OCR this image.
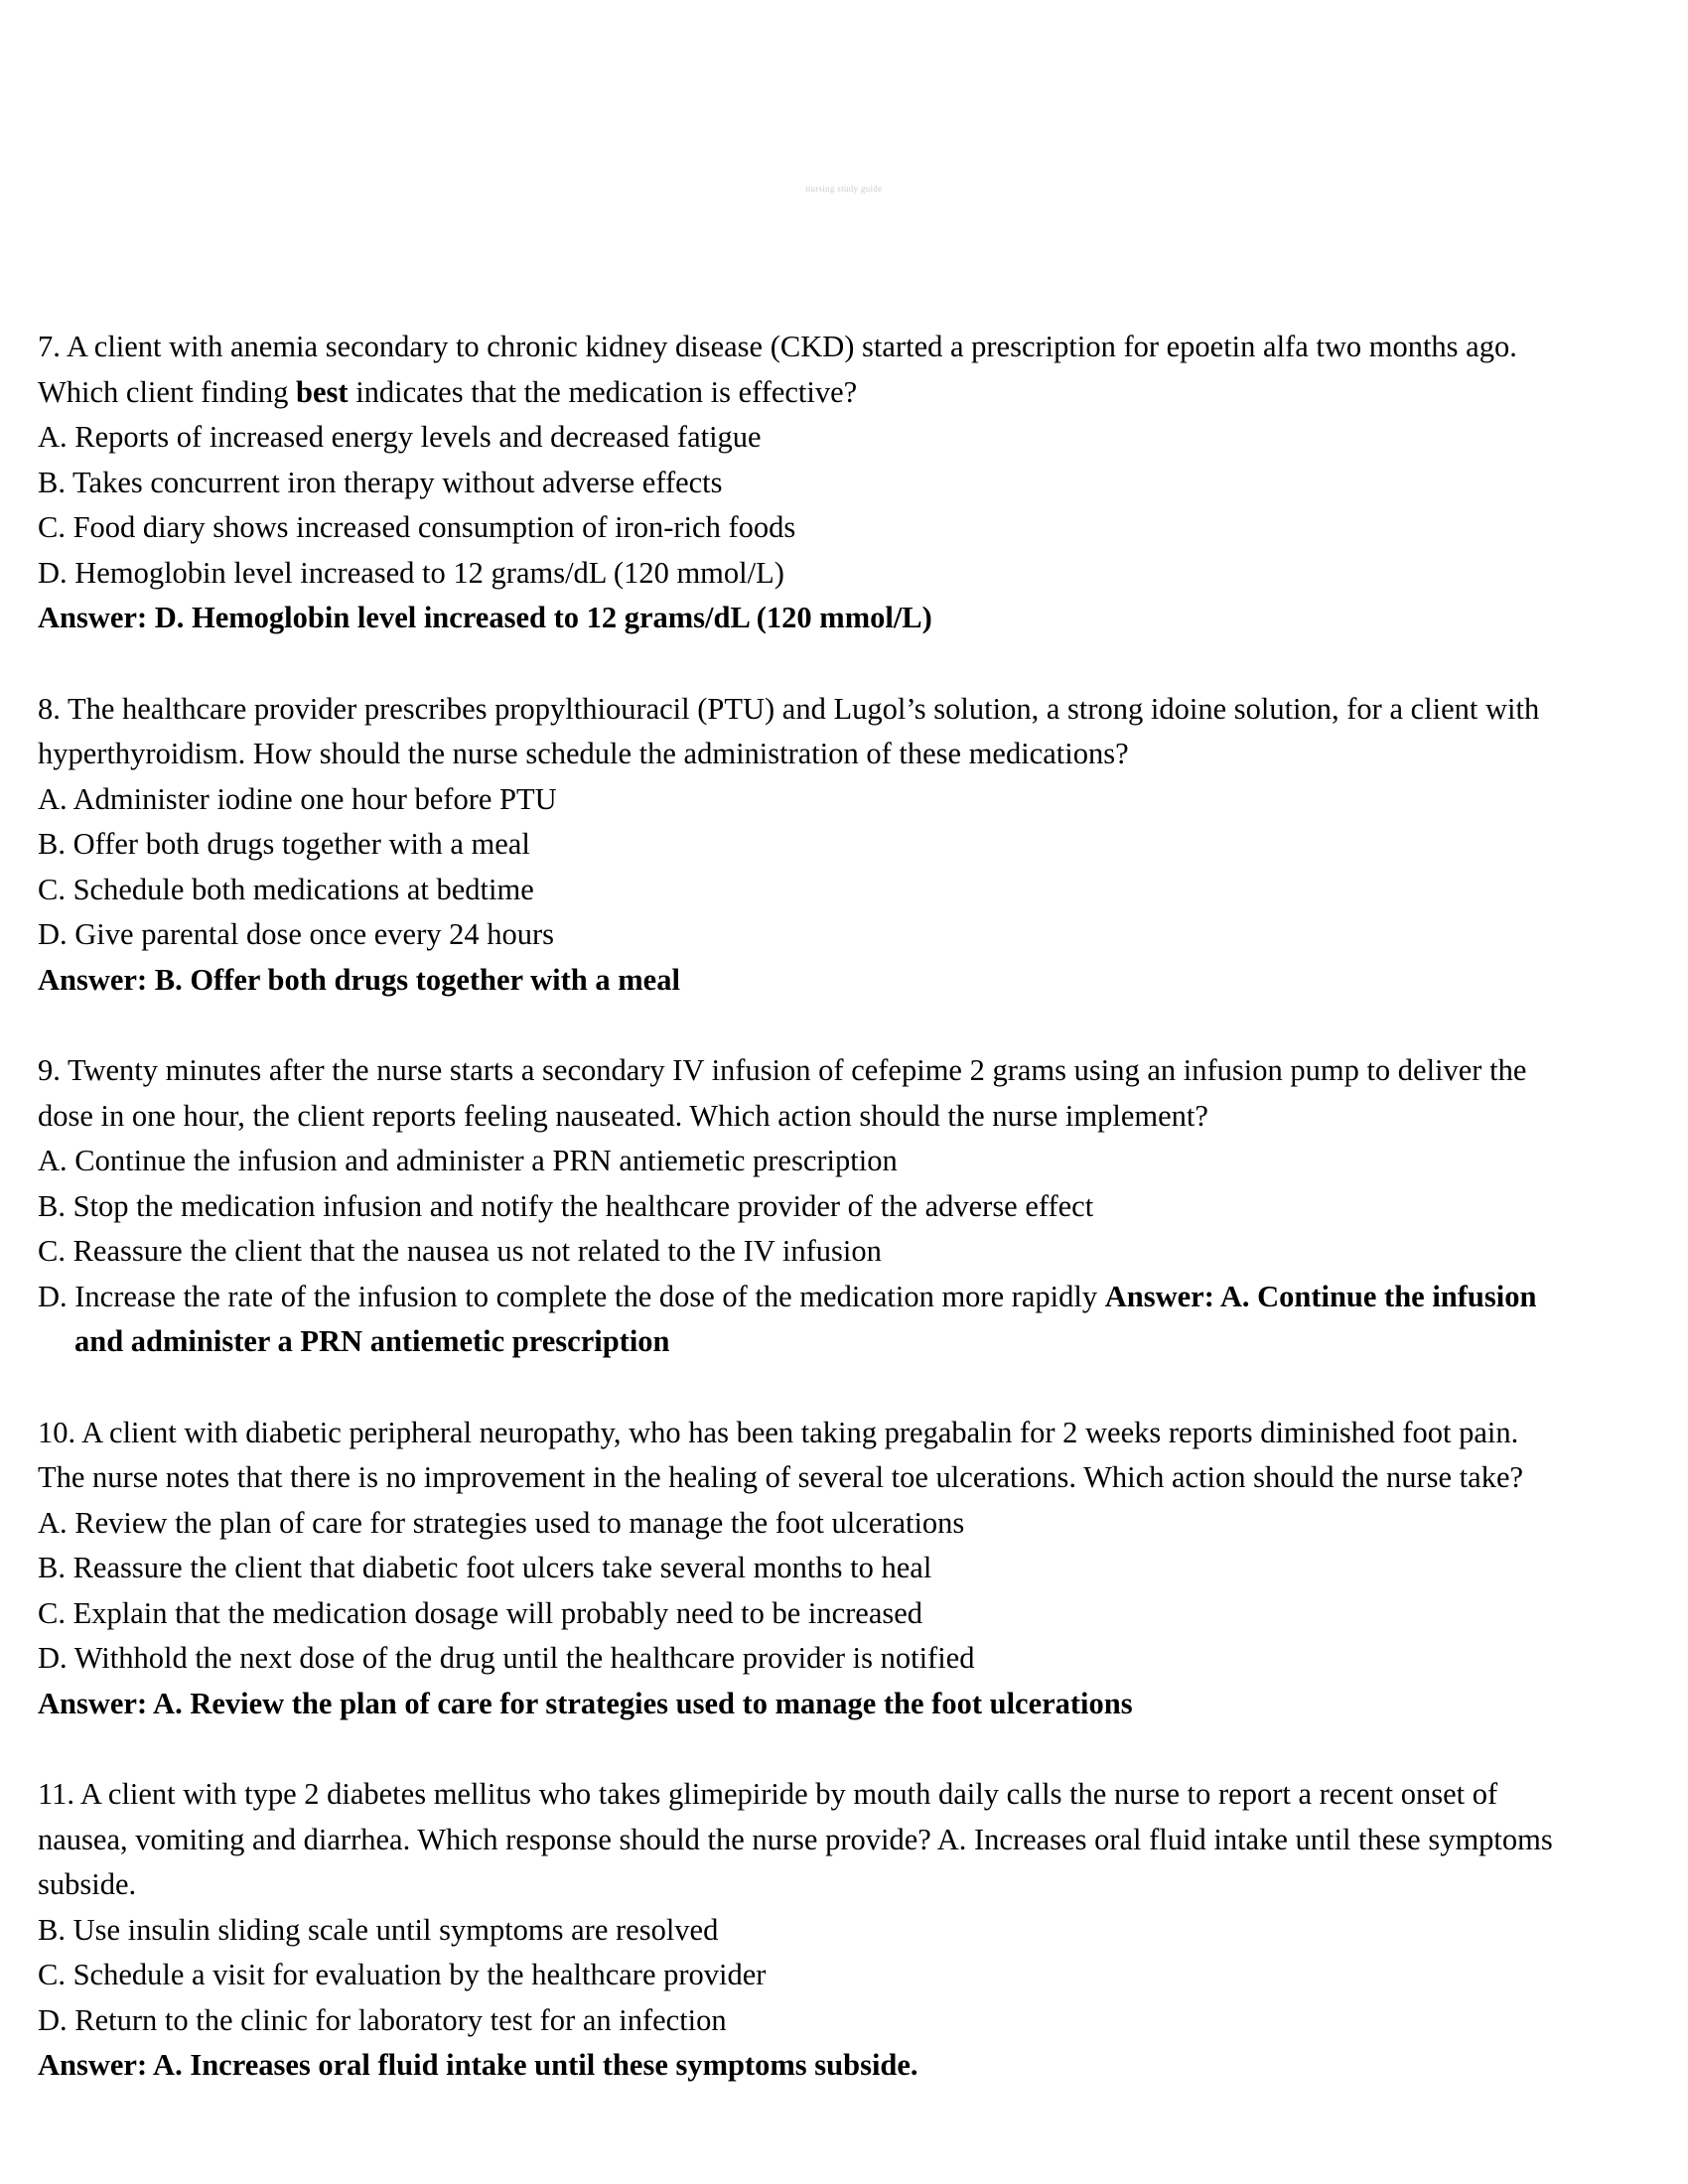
nursing study guide

7. A client with anemia secondary to chronic kidney disease (CKD) started a prescription for epoetin alfa two months ago. Which client finding best indicates that the medication is effective?

A. Reports of increased energy levels and decreased fatigue

B. Takes concurrent iron therapy without adverse effects

C. Food diary shows increased consumption of iron-rich foods

D. Hemoglobin level increased to 12 grams/dL (120 mmol/L)

Answer: D. Hemoglobin level increased to 12 grams/dL (120 mmol/L)

8. The healthcare provider prescribes propylthiouracil (PTU) and Lugol’s solution, a strong idoine solution, for a client with hyperthyroidism. How should the nurse schedule the administration of these medications?

A. Administer iodine one hour before PTU

B. Offer both drugs together with a meal

C. Schedule both medications at bedtime

D. Give parental dose once every 24 hours

Answer: B. Offer both drugs together with a meal

9. Twenty minutes after the nurse starts a secondary IV infusion of cefepime 2 grams using an infusion pump to deliver the dose in one hour, the client reports feeling nauseated. Which action should the nurse implement?

A. Continue the infusion and administer a PRN antiemetic prescription

B. Stop the medication infusion and notify the healthcare provider of the adverse effect

C. Reassure the client that the nausea us not related to the IV infusion

D. Increase the rate of the infusion to complete the dose of the medication more rapidly Answer: A. Continue the infusion and administer a PRN antiemetic prescription

10. A client with diabetic peripheral neuropathy, who has been taking pregabalin for 2 weeks reports diminished foot pain. The nurse notes that there is no improvement in the healing of several toe ulcerations. Which action should the nurse take?

A. Review the plan of care for strategies used to manage the foot ulcerations

B. Reassure the client that diabetic foot ulcers take several months to heal

C. Explain that the medication dosage will probably need to be increased

D. Withhold the next dose of the drug until the healthcare provider is notified

Answer: A. Review the plan of care for strategies used to manage the foot ulcerations

11. A client with type 2 diabetes mellitus who takes glimepiride by mouth daily calls the nurse to report a recent onset of nausea, vomiting and diarrhea. Which response should the nurse provide? A. Increases oral fluid intake until these symptoms subside.

B. Use insulin sliding scale until symptoms are resolved

C. Schedule a visit for evaluation by the healthcare provider

D. Return to the clinic for laboratory test for an infection

Answer: A. Increases oral fluid intake until these symptoms subside.
